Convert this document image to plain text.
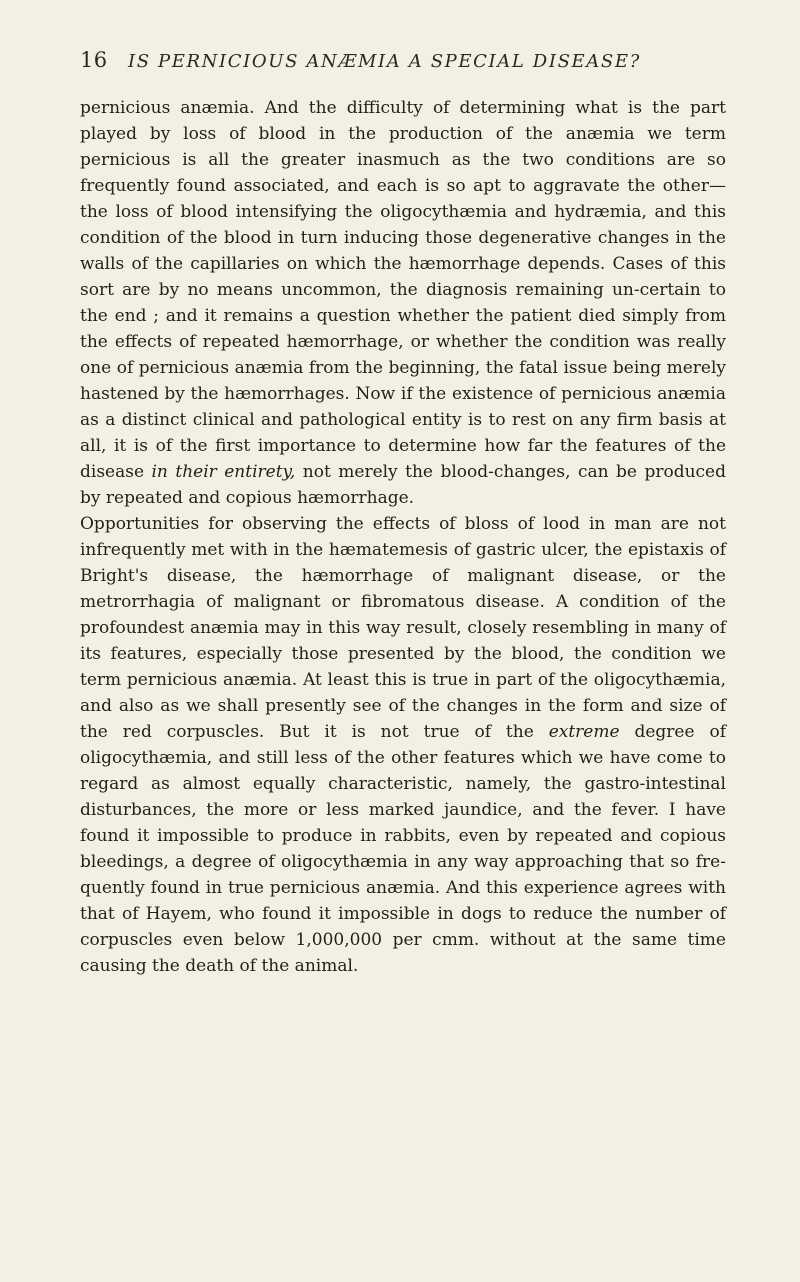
16	IS PERNICIOUS ANÆMIA A SPECIAL DISEASE?

pernicious anæmia. And the difficulty of determining what is the part played by loss of blood in the production of the anæmia we term pernicious is all the greater inasmuch as the two conditions are so frequently found associated, and each is so apt to aggravate the other—the loss of blood intensifying the oligocythæmia and hydræmia, and this condition of the blood in turn inducing those degenerative changes in the walls of the capillaries on which the hæmorrhage depends. Cases of this sort are by no means uncommon, the diagnosis remaining un-certain to the end ; and it remains a question whether the patient died simply from the effects of repeated hæmorrhage, or whether the condition was really one of pernicious anæmia from the beginning, the fatal issue being merely hastened by the hæmorrhages. Now if the existence of pernicious anæmia as a distinct clinical and pathological entity is to rest on any firm basis at all, it is of the first importance to determine how far the features of the disease in their entirety, not merely the blood-changes, can be produced by repeated and copious hæmorrhage.

Opportunities for observing the effects of bloss of lood in man are not infrequently met with in the hæmatemesis of gastric ulcer, the epistaxis of Bright's disease, the hæmorrhage of malignant disease, or the metrorrhagia of malignant or fibromatous disease. A condition of the profoundest anæmia may in this way result, closely resembling in many of its features, especially those presented by the blood, the condition we term pernicious anæmia. At least this is true in part of the oligocythæmia, and also as we shall presently see of the changes in the form and size of the red corpuscles. But it is not true of the extreme degree of oligocythæmia, and still less of the other features which we have come to regard as almost equally characteristic, namely, the gastro-intestinal disturbances, the more or less marked jaundice, and the fever. I have found it impossible to produce in rabbits, even by repeated and copious bleedings, a degree of oligocythæmia in any way approaching that so fre-quently found in true pernicious anæmia. And this experience agrees with that of Hayem, who found it impossible in dogs to reduce the number of corpuscles even below 1,000,000 per cmm. without at the same time causing the death of the animal.
